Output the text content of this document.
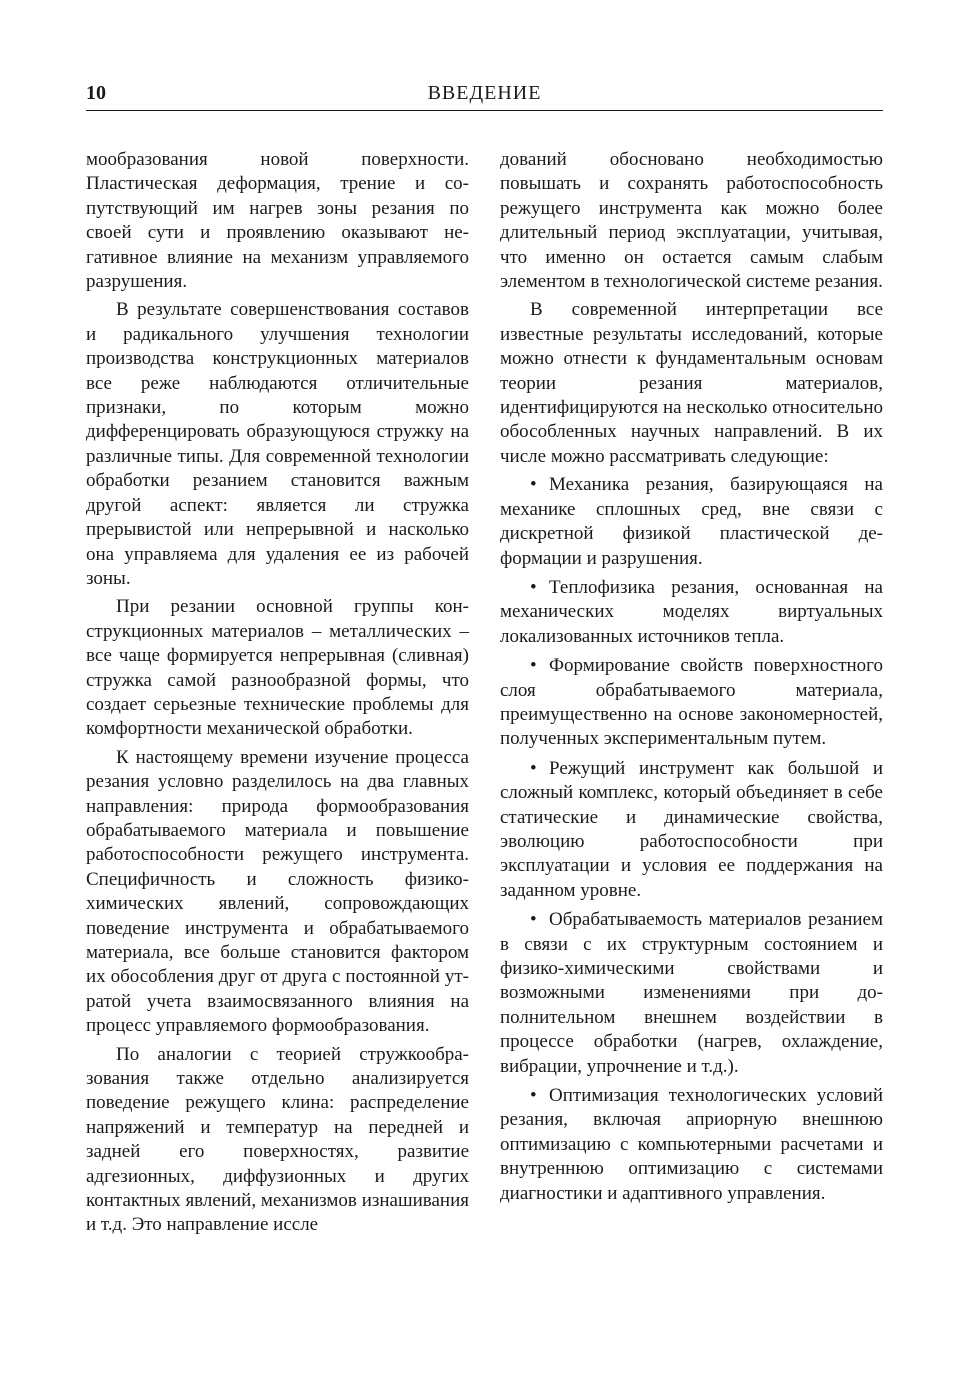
10	ВВЕДЕНИЕ

мообразования новой поверхности. Пластическая деформация, трение и сопутствующий им нагрев зоны резания по своей сути и проявлению оказывают негативное влияние на механизм управляемого разрушения.

В результате совершенствования составов и радикального улучшения технологии производства конструкционных материалов все реже наблюдаются отличительные признаки, по которым можно дифференцировать образующуюся стружку на различные типы. Для современной технологии обработки резанием становится важным другой аспект: является ли стружка прерывистой или непрерывной и насколько она управляема для удаления ее из рабочей зоны.

При резании основной группы конструкционных материалов – металлических – все чаще формируется непрерывная (сливная) стружка самой разнообразной формы, что создает серьезные технические проблемы для комфортности механической обработки.

К настоящему времени изучение процесса резания условно разделилось на два главных направления: природа формообразования обрабатываемого материала и повышение работоспособности режущего инструмента. Специфичность и сложность физико-химических явлений, сопровождающих поведение инструмента и обрабатываемого материала, все больше становится фактором их обособления друг от друга с постоянной утратой учета взаимосвязанного влияния на процесс управляемого формообразования.

По аналогии с теорией стружкообразования также отдельно анализируется поведение режущего клина: распределение напряжений и температур на передней и задней его поверхностях, развитие адгезионных, диффузионных и других контактных явлений, механизмов изнашивания и т.д. Это направление иссле

дований обосновано необходимостью повышать и сохранять работоспособность режущего инструмента как можно более длительный период эксплуатации, учитывая, что именно он остается самым слабым элементом в технологической системе резания.

В современной интерпретации все известные результаты исследований, которые можно отнести к фундаментальным основам теории резания материалов, идентифицируются на несколько относительно обособленных научных направлений. В их числе можно рассматривать следующие:

• Механика резания, базирующаяся на механике сплошных сред, вне связи с дискретной физикой пластической деформации и разрушения.

• Теплофизика резания, основанная на механических моделях виртуальных локализованных источников тепла.

• Формирование свойств поверхностного слоя обрабатываемого материала, преимущественно на основе закономерностей, полученных экспериментальным путем.

• Режущий инструмент как большой и сложный комплекс, который объединяет в себе статические и динамические свойства, эволюцию работоспособности при эксплуатации и условия ее поддержания на заданном уровне.

• Обрабатываемость материалов резанием в связи с их структурным состоянием и физико-химическими свойствами и возможными изменениями при дополнительном внешнем воздействии в процессе обработки (нагрев, охлаждение, вибрации, упрочнение и т.д.).

• Оптимизация технологических условий резания, включая априорную внешнюю оптимизацию с компьютерными расчетами и внутреннюю оптимизацию с системами диагностики и адаптивного управления.
